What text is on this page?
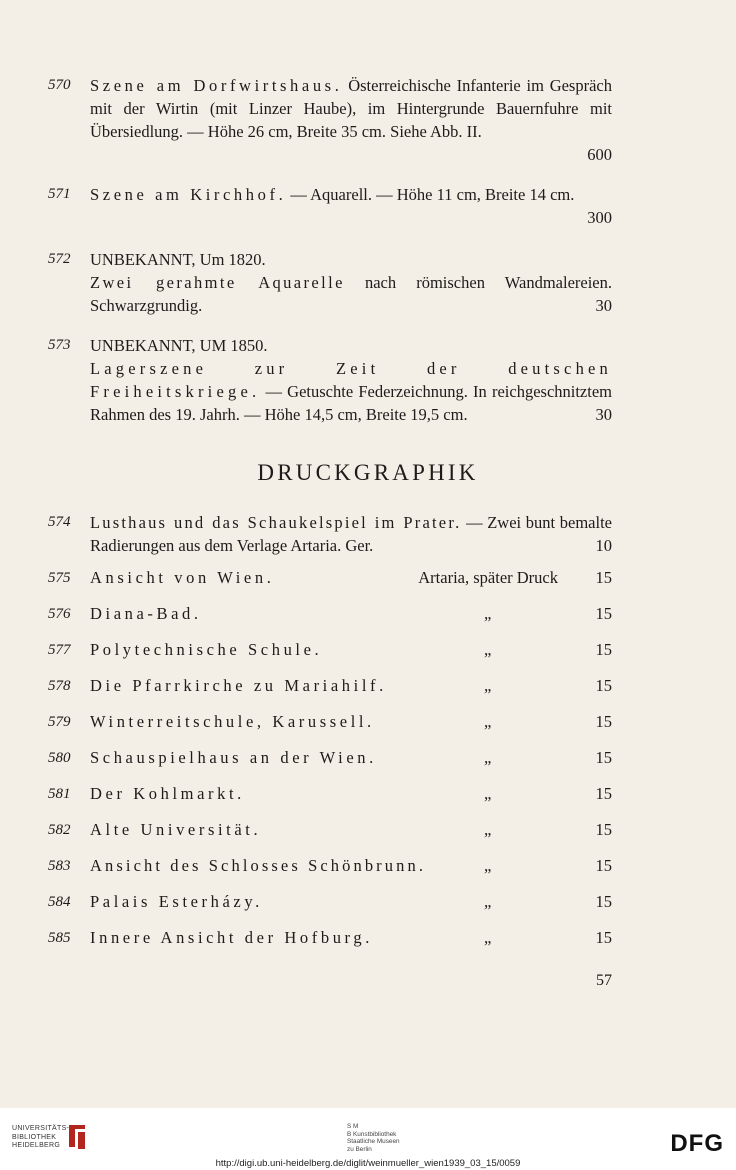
570	Szene am Dorfwirtshaus. Österreichische Infanterie im Gespräch mit der Wirtin (mit Linzer Haube), im Hintergrunde Bauernfuhre mit Übersiedlung. — Höhe 26 cm, Breite 35 cm. Siehe Abb. II.
600
571	Szene am Kirchhof. — Aquarell. — Höhe 11 cm, Breite 14 cm.
300
572	UNBEKANNT, Um 1820.
Zwei gerahmte Aquarelle nach römischen Wandmalereien. Schwarzgrundig.	30
573	UNBEKANNT, UM 1850.
Lagerszene zur Zeit der deutschen Freiheitskriege. — Getuschte Federzeichnung. In reichgeschnitztem Rahmen des 19. Jahrh. — Höhe 14,5 cm, Breite 19,5 cm.	30
DRUCKGRAPHIK
574	Lusthaus und das Schaukelspiel im Prater. — Zwei bunt bemalte Radierungen aus dem Verlage Artaria. Ger.	10
575 Ansicht von Wien.	Artaria, später Druck 15
576 Diana-Bad.	„	15
577 Polytechnische Schule.	„	15
578 Die Pfarrkirche zu Mariahilf.	„	15
579 Winterreitschule, Karussell.	„	15
580 Schauspielhaus an der Wien.	„	15
581 Der Kohlmarkt.	„	15
582 Alte Universität.	„	15
583 Ansicht des Schlosses Schönbrunn.	„	15
584 Palais Esterházy.	„	15
585 Innere Ansicht der Hofburg.	„	15
57
UNIVERSITÄTS-
BIBLIOTHEK
HEIDELBERG
S M
B Kunstbibliothek
Staatliche Museen
zu Berlin	DFG
http://digi.ub.uni-heidelberg.de/diglit/weinmueller_wien1939_03_15/0059
